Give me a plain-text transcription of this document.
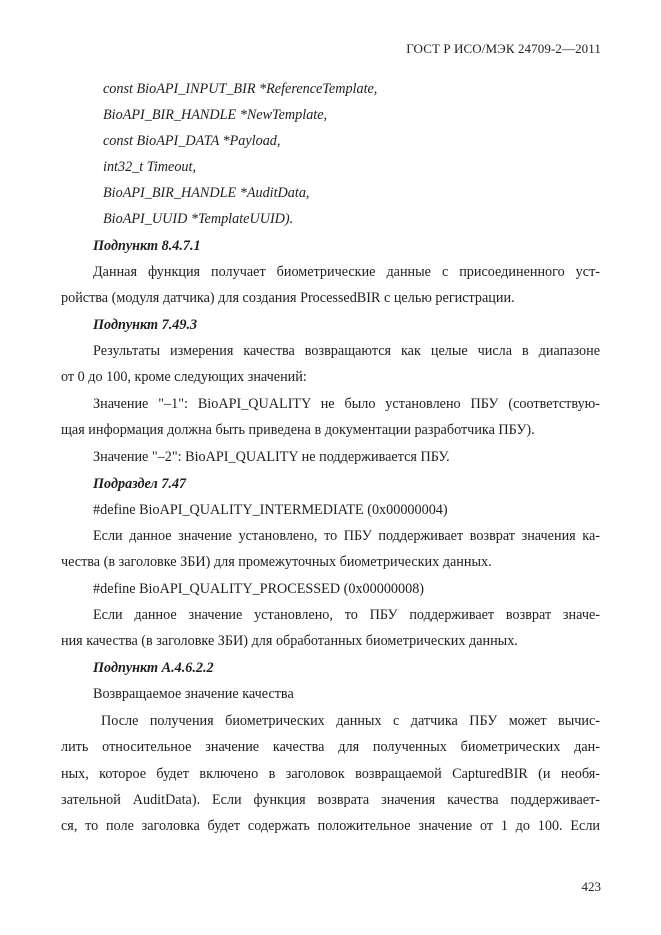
ГОСТ Р ИСО/МЭК 24709-2—2011
const BioAPI_INPUT_BIR *ReferenceTemplate,
BioAPI_BIR_HANDLE *NewTemplate,
const BioAPI_DATA *Payload,
int32_t Timeout,
BioAPI_BIR_HANDLE *AuditData,
BioAPI_UUID *TemplateUUID).
Подпункт 8.4.7.1
Данная функция получает биометрические данные с присоединенного уст-
ройства (модуля датчика) для создания ProcessedBIR с целью регистрации.
Подпункт 7.49.3
Результаты измерения качества возвращаются как целые числа в диапазоне
от 0 до 100, кроме следующих значений:
Значение "–1": BioAPI_QUALITY не было установлено ПБУ (соответствую-
щая информация должна быть приведена в документации разработчика ПБУ).
Значение "–2": BioAPI_QUALITY не поддерживается ПБУ.
Подраздел 7.47
#define BioAPI_QUALITY_INTERMEDIATE (0x00000004)
Если данное значение установлено, то ПБУ поддерживает возврат значения ка-
чества (в заголовке ЗБИ) для промежуточных биометрических данных.
#define BioAPI_QUALITY_PROCESSED (0x00000008)
Если данное значение установлено, то ПБУ поддерживает возврат значе-
ния качества (в заголовке ЗБИ) для обработанных биометрических данных.
Подпункт А.4.6.2.2
Возвращаемое значение качества
После получения биометрических данных с датчика ПБУ может вычис-
лить относительное значение качества для полученных биометрических дан-
ных, которое будет включено в заголовок возвращаемой CapturedBIR (и необя-
зательной AuditData). Если функция возврата значения качества поддерживает-
ся, то поле заголовка будет содержать положительное значение от 1 до 100. Если
423
